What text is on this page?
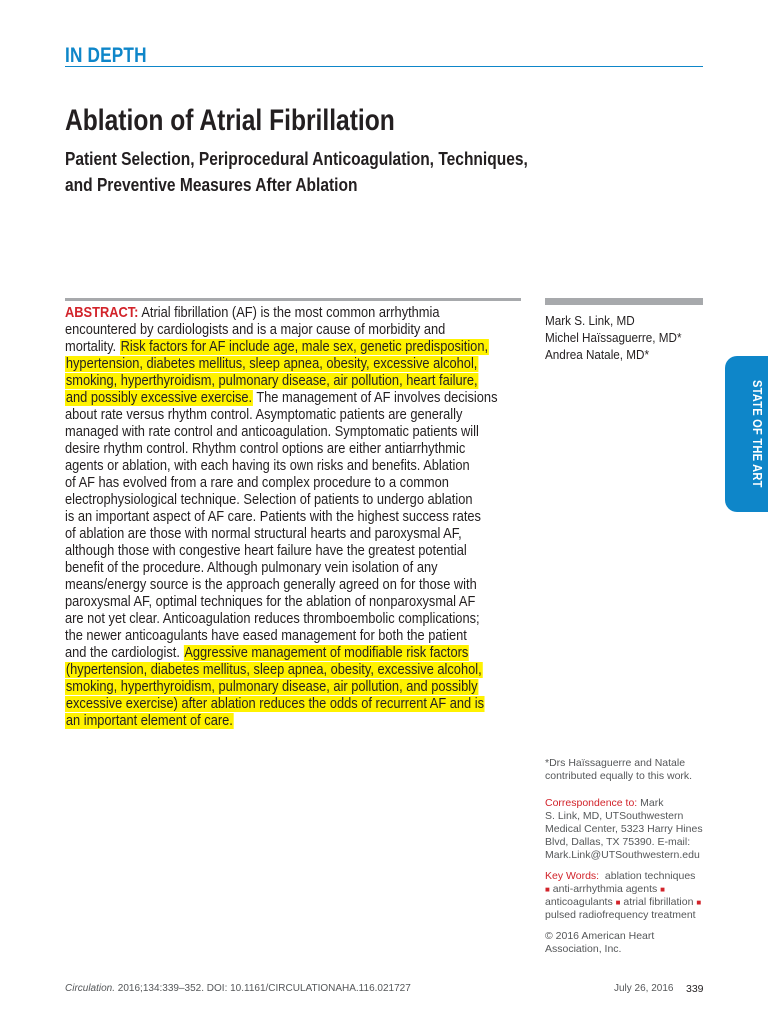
IN DEPTH
Ablation of Atrial Fibrillation
Patient Selection, Periprocedural Anticoagulation, Techniques,
and Preventive Measures After Ablation
ABSTRACT: Atrial fibrillation (AF) is the most common arrhythmia
encountered by cardiologists and is a major cause of morbidity and
mortality. Risk factors for AF include age, male sex, genetic predisposition,
hypertension, diabetes mellitus, sleep apnea, obesity, excessive alcohol,
smoking, hyperthyroidism, pulmonary disease, air pollution, heart failure,
and possibly excessive exercise. The management of AF involves decisions
about rate versus rhythm control. Asymptomatic patients are generally
managed with rate control and anticoagulation. Symptomatic patients will
desire rhythm control. Rhythm control options are either antiarrhythmic
agents or ablation, with each having its own risks and benefits. Ablation
of AF has evolved from a rare and complex procedure to a common
electrophysiological technique. Selection of patients to undergo ablation
is an important aspect of AF care. Patients with the highest success rates
of ablation are those with normal structural hearts and paroxysmal AF,
although those with congestive heart failure have the greatest potential
benefit of the procedure. Although pulmonary vein isolation of any
means/energy source is the approach generally agreed on for those with
paroxysmal AF, optimal techniques for the ablation of nonparoxysmal AF
are not yet clear. Anticoagulation reduces thromboembolic complications;
the newer anticoagulants have eased management for both the patient
and the cardiologist. Aggressive management of modifiable risk factors
(hypertension, diabetes mellitus, sleep apnea, obesity, excessive alcohol,
smoking, hyperthyroidism, pulmonary disease, air pollution, and possibly
excessive exercise) after ablation reduces the odds of recurrent AF and is
an important element of care.
Mark S. Link, MD
Michel Haïssaguerre, MD*
Andrea Natale, MD*
STATE OF THE ART
*Drs Haïssaguerre and Natale
contributed equally to this work.
Correspondence to: Mark
S. Link, MD, UTSouthwestern
Medical Center, 5323 Harry Hines
Blvd, Dallas, TX 75390. E-mail:
Mark.Link@UTSouthwestern.edu
Key Words: ablation techniques
■ anti-arrhythmia agents ■
anticoagulants ■ atrial fibrillation ■
pulsed radiofrequency treatment
© 2016 American Heart
Association, Inc.
Circulation. 2016;134:339–352. DOI: 10.1161/CIRCULATIONAHA.116.021727	July 26, 2016 339
